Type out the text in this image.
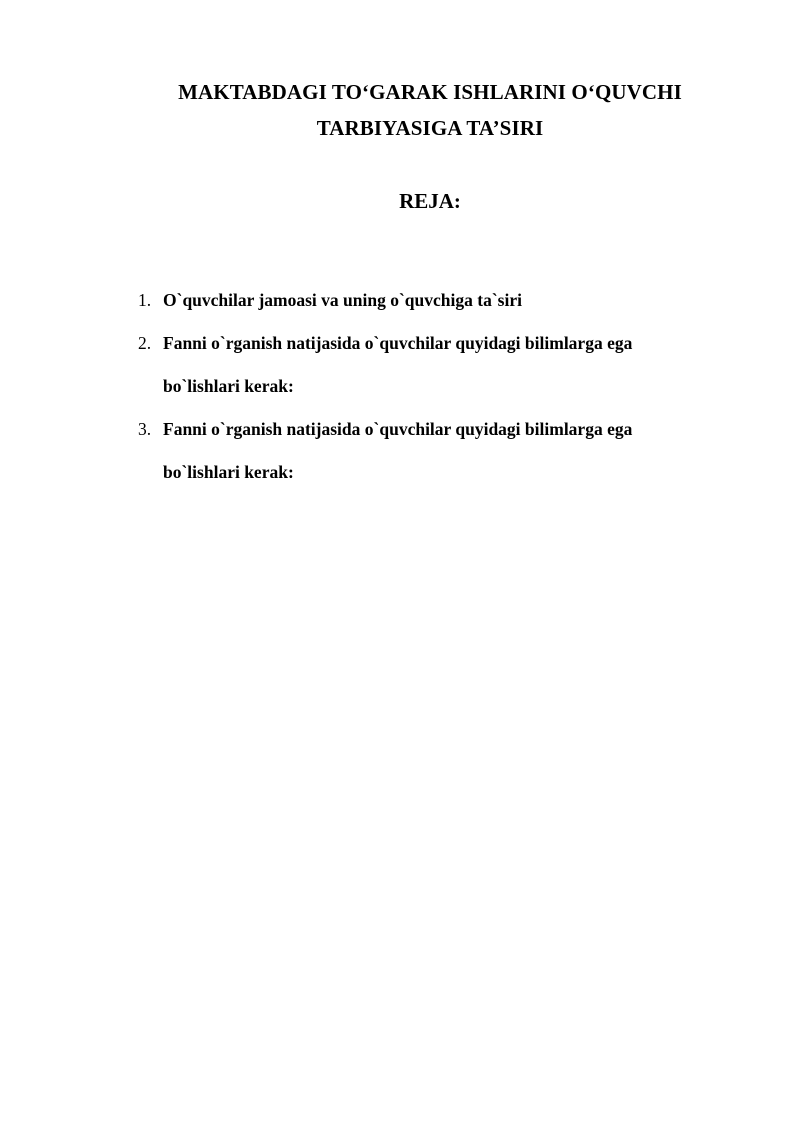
MAKTABDAGI TO‘GARAK ISHLARINI O‘QUVCHI
TARBIYASIGA TA’SIRI
REJA:
1. O`quvchilar jamoasi va uning o`quvchiga ta`siri
2. Fanni o`rganish natijasida o`quvchilar quyidagi bilimlarga ega bo`lishlari kerak:
3. Fanni o`rganish natijasida o`quvchilar quyidagi bilimlarga ega bo`lishlari kerak:
